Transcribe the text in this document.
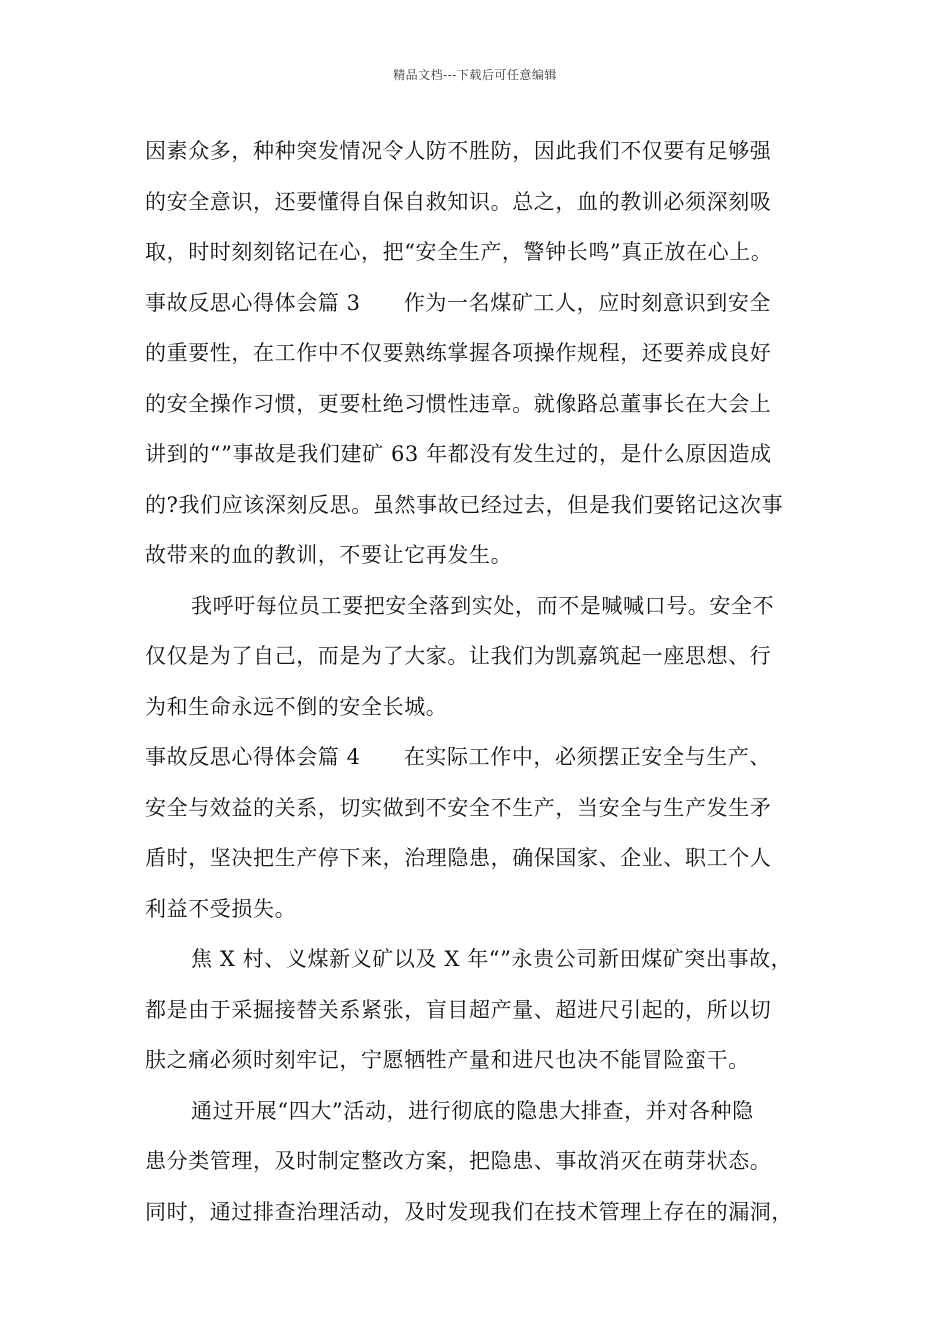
精品文档---下载后可任意编辑
因素众多，种种突发情况令人防不胜防，因此我们不仅要有足够强
的安全意识，还要懂得自保自救知识。总之，血的教训必须深刻吸
取，时时刻刻铭记在心，把“安全生产，警钟长鸣”真正放在心上。
事故反思心得体会篇 3　　作为一名煤矿工人，应时刻意识到安全
的重要性，在工作中不仅要熟练掌握各项操作规程，还要养成良好
的安全操作习惯，更要杜绝习惯性违章。就像路总董事长在大会上
讲到的“”事故是我们建矿 63 年都没有发生过的，是什么原因造成
的?我们应该深刻反思。虽然事故已经过去，但是我们要铭记这次事
故带来的血的教训，不要让它再发生。
我呼吁每位员工要把安全落到实处，而不是喊喊口号。安全不
仅仅是为了自己，而是为了大家。让我们为凯嘉筑起一座思想、行
为和生命永远不倒的安全长城。
事故反思心得体会篇 4　　在实际工作中，必须摆正安全与生产、
安全与效益的关系，切实做到不安全不生产，当安全与生产发生矛
盾时，坚决把生产停下来，治理隐患，确保国家、企业、职工个人
利益不受损失。
焦 X 村、义煤新义矿以及 X 年“”永贵公司新田煤矿突出事故，
都是由于采掘接替关系紧张，盲目超产量、超进尺引起的，所以切
肤之痛必须时刻牢记，宁愿牺牲产量和进尺也决不能冒险蛮干。
通过开展“四大”活动，进行彻底的隐患大排查，并对各种隐
患分类管理，及时制定整改方案，把隐患、事故消灭在萌芽状态。
同时，通过排查治理活动，及时发现我们在技术管理上存在的漏洞，
